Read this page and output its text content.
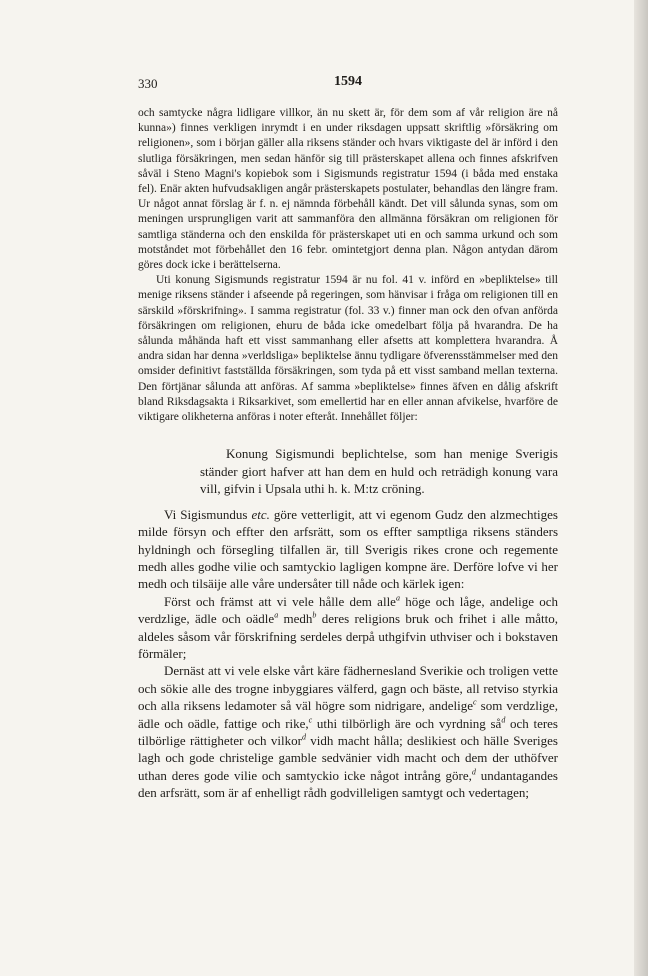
330	1594

och samtycke några lidligare villkor, än nu skett är, för dem som af vår religion äre nå kunna») finnes verkligen inrymdt i en under riksdagen uppsatt skriftlig »försäkring om religionen», som i början gäller alla riksens ständer och hvars viktigaste del är införd i den slutliga försäkringen, men sedan hänför sig till prästerskapet allena och finnes afskrifven såväl i Steno Magni's kopiebok som i Sigismunds registratur 1594 (i båda med enstaka fel). Enär akten hufvudsakligen angår prästerskapets postulater, behandlas den längre fram. Ur något annat förslag är f. n. ej nämnda förbehåll kändt. Det vill sålunda synas, som om meningen ursprungligen varit att sammanföra den allmänna försäkran om religionen för samtliga ständerna och den enskilda för prästerskapet uti en och samma urkund och som motståndet mot förbehållet den 16 febr. omintetgjort denna plan. Någon antydan därom göres dock icke i berättelserna.

Uti konung Sigismunds registratur 1594 är nu fol. 41 v. införd en »bepliktelse» till menige riksens ständer i afseende på regeringen, som hänvisar i fråga om religionen till en särskild »förskrifning». I samma registratur (fol. 33 v.) finner man ock den ofvan anförda försäkringen om religionen, ehuru de båda icke omedelbart följa på hvarandra. De ha sålunda måhända haft ett visst sammanhang eller afsetts att komplettera hvarandra. Å andra sidan har denna »verldsliga» bepliktelse ännu tydligare öfverensstämmelser med den omsider definitivt fastställda försäkringen, som tyda på ett visst samband mellan texterna. Den förtjänar sålunda att anföras. Af samma »bepliktelse» finnes äfven en dålig afskrift bland Riksdagsakta i Riksarkivet, som emellertid har en eller annan afvikelse, hvarföre de viktigare olikheterna anföras i noter efteråt. Innehållet följer:

Konung Sigismundi beplichtelse, som han menige Sverigis ständer giort hafver att han dem en huld och reträdigh konung vara vill, gifvin i Upsala uthi h. k. M:tz cröning.

Vi Sigismundus etc. göre vetterligit, att vi egenom Gudz den alzmechtiges milde försyn och effter den arfsrätt, som os effter samptliga riksens ständers hyldningh och försegling tilfallen är, till Sverigis rikes crone och regemente medh alles godhe vilie och samtyckio lagligen kompne äre. Derföre lofve vi her medh och tilsäije alle våre undersåter till nåde och kärlek igen:

Först och främst att vi vele hålle dem alle$^a$ höge och låge, andelige och verdzlige, ädle och oädle$^a$ medh$^b$ deres religions bruk och frihet i alle måtto, aldeles såsom vår förskrifning serdeles derpå uthgifvin uthviser och i bokstaven förmäler;

Dernäst att vi vele elske vårt käre fädhernesland Sverikie och troligen vette och sökie alle des trogne inbyggiares välferd, gagn och bäste, all retviso styrkia och alla riksens ledamoter så väl högre som nidrigare, andelige$^c$ som verdzlige, ädle och oädle, fattige och rike,$^c$ uthi tilbörligh äre och vyrdning $så^d$ och teres tilbörlige rättigheter och vilkor$^d$ vidh macht hålla; deslikiest och hälle Sveriges lagh och gode christelige gamble sedvänier vidh macht och dem der uthöfver uthan deres gode vilie och samtyckio icke något intrång göre,$^d$ undantagandes den arfsrätt, som är af enhelligt rådh godvilleligen samtygt och vedertagen;
